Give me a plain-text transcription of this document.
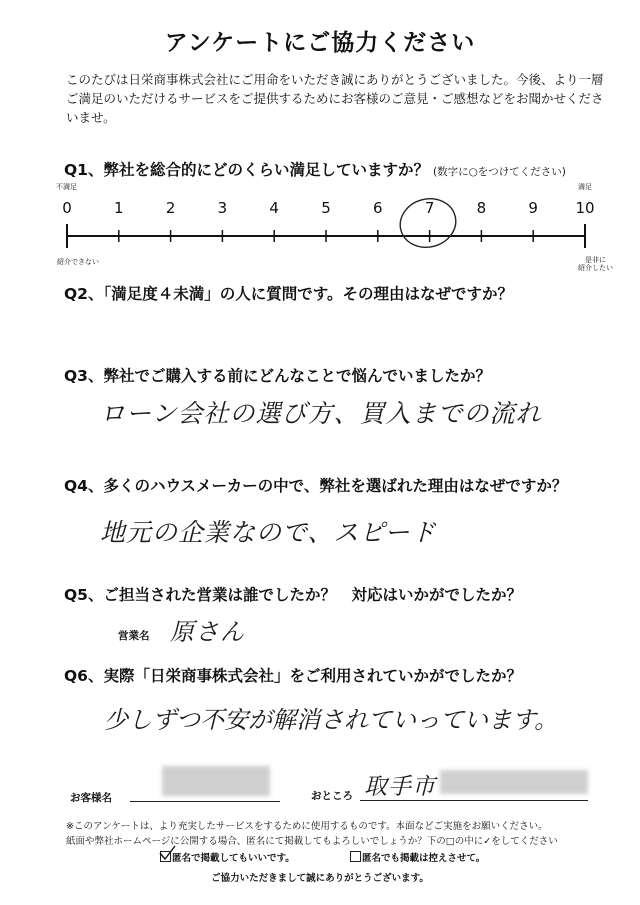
アンケートにご協力ください
このたびは日栄商事株式会社にご用命をいただき誠にありがとうございました。今後、より一層ご満足のいただけるサービスをご提供するためにお客様のご意見・ご感想などをお聞かせくださいませ。
Q1、弊社を総合的にどのくらい満足していますか？ (数字に○をつけてください)
不満足	満足
0	1	2	3	4	5	6	7	8	9	10
紹介できない	是非に
紹介したい
Q2、「満足度４未満」の人に質問です。その理由はなぜですか？
Q3、弊社でご購入する前にどんなことで悩んでいましたか？
ローン会社の選び方、買入までの流れ
Q4、多くのハウスメーカーの中で、弊社を選ばれた理由はなぜですか？
地元の企業なので、スピード
Q5、ご担当された営業は誰でしたか？　対応はいかがでしたか？
営業名 原さん
Q6、実際「日栄商事株式会社」をご利用されていかがでしたか？
少しずつ不安が解消されていっています。
お客様名	おところ 取手市
※このアンケートは、より充実したサービスをするために使用するものです。本面などご実施をお願いください。
紙面や弊社ホームページに公開する場合、匿名にて掲載してもよろしいでしょうか？下の□の中に✓をしてください
匿名で掲載してもいいです。	匿名でも掲載は控えさせて。
ご協力いただきまして誠にありがとうございます。
